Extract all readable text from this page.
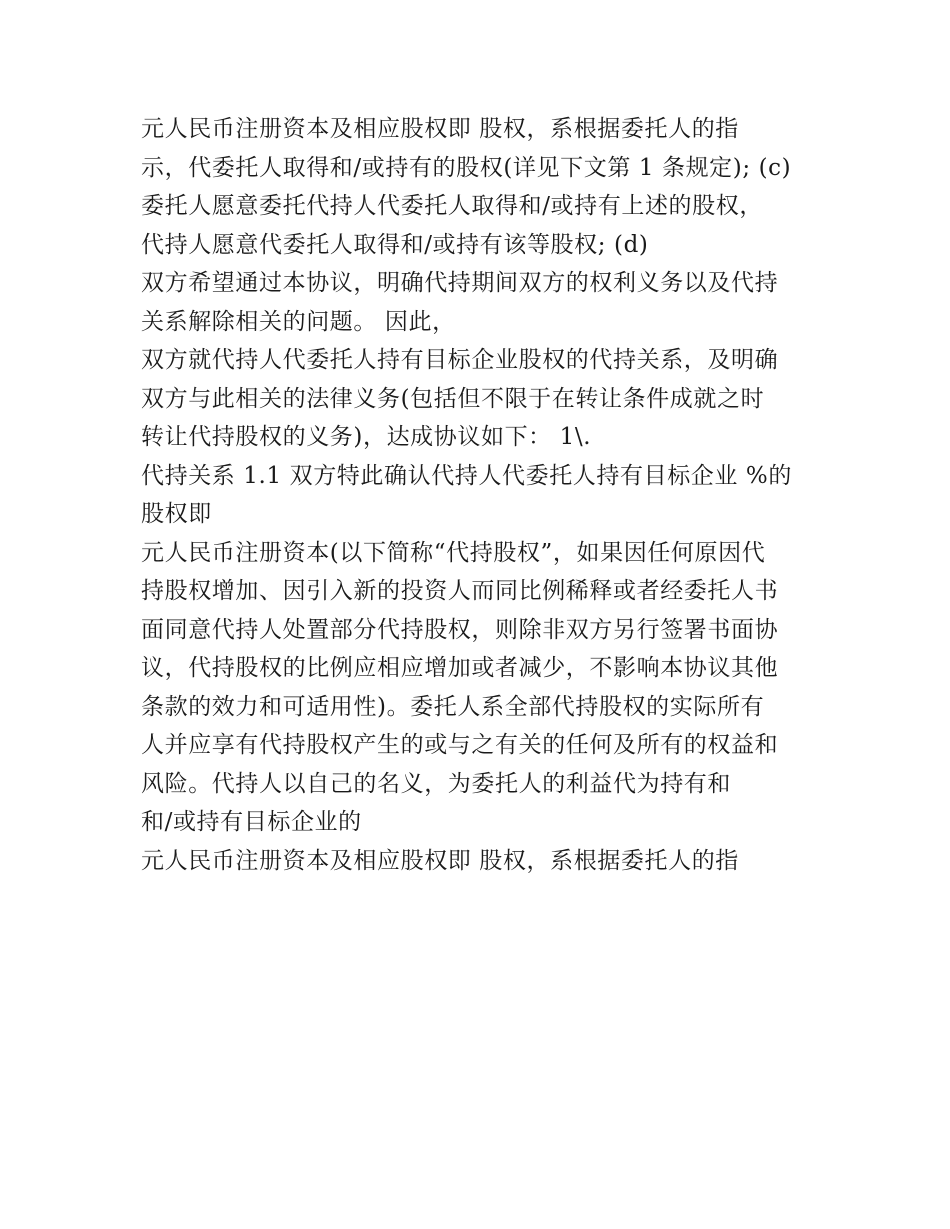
元人民币注册资本及相应股权即 股权，系根据委托人的指
示，代委托人取得和/或持有的股权(详见下文第 1 条规定); (c)
委托人愿意委托代持人代委托人取得和/或持有上述的股权，
代持人愿意代委托人取得和/或持有该等股权; (d)
双方希望通过本协议，明确代持期间双方的权利义务以及代持
关系解除相关的问题。 因此，
双方就代持人代委托人持有目标企业股权的代持关系，及明确
双方与此相关的法律义务(包括但不限于在转让条件成就之时
转让代持股权的义务)，达成协议如下： 1\.
代持关系 1.1 双方特此确认代持人代委托人持有目标企业 %的
股权即
元人民币注册资本(以下简称“代持股权”，如果因任何原因代
持股权增加、因引入新的投资人而同比例稀释或者经委托人书
面同意代持人处置部分代持股权，则除非双方另行签署书面协
议，代持股权的比例应相应增加或者减少，不影响本协议其他
条款的效力和可适用性)。委托人系全部代持股权的实际所有
人并应享有代持股权产生的或与之有关的任何及所有的权益和
风险。代持人以自己的名义，为委托人的利益代为持有和
和/或持有目标企业的
元人民币注册资本及相应股权即 股权，系根据委托人的指
